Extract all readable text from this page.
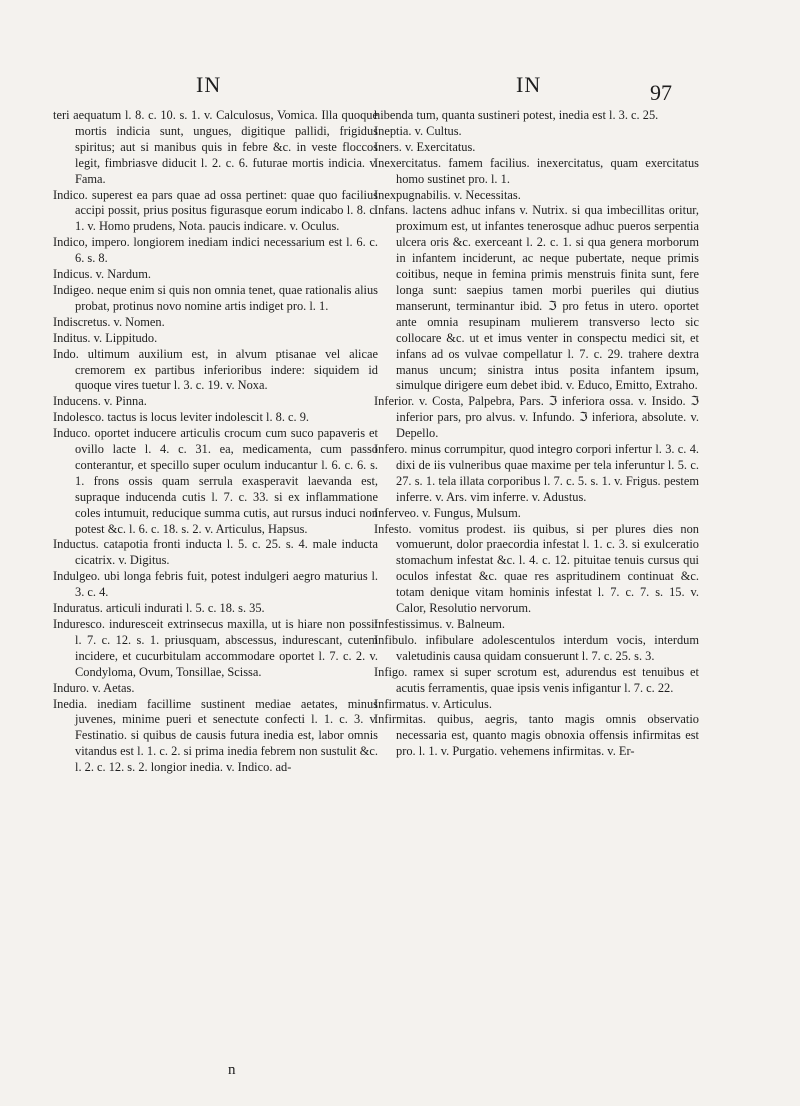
IN	IN	97

teri aequatum l. 8. c. 10. s. 1. v. Calculosus, Vomica. Illa quoque mortis indicia sunt, ungues, digitique pallidi, frigidus spiritus; aut si manibus quis in febre &c. in veste floccos legit, fimbriasve diducit l. 2. c. 6. futurae mortis indicia. v. Fama.

Indico. superest ea pars quae ad ossa pertinet: quae quo facilius accipi possit, prius positus figurasque eorum indicabo l. 8. c. 1. v. Homo prudens, Nota. paucis indicare. v. Oculus.

Indico, impero. longiorem inediam indici necessarium est l. 6. c. 6. s. 8.

Indicus. v. Nardum.

Indigeo. neque enim si quis non omnia tenet, quae rationalis alius probat, protinus novo nomine artis indiget pro. l. 1.

Indiscretus. v. Nomen.

Inditus. v. Lippitudo.

Indo. ultimum auxilium est, in alvum ptisanae vel alicae cremorem ex partibus inferioribus indere: siquidem id quoque vires tuetur l. 3. c. 19. v. Noxa.

Inducens. v. Pinna.

Indolesco. tactus is locus leviter indolescit l. 8. c. 9.

Induco. oportet inducere articulis crocum cum suco papaveris et ovillo lacte l. 4. c. 31. ea, medicamenta, cum passo conterantur, et specillo super oculum inducantur l. 6. c. 6. s. 1. frons ossis quam serrula exasperavit laevanda est, supraque inducenda cutis l. 7. c. 33. si ex inflammatione coles intumuit, reducique summa cutis, aut rursus induci non potest &c. l. 6. c. 18. s. 2. v. Articulus, Hapsus.

Inductus. catapotia fronti inducta l. 5. c. 25. s. 4. male inducta cicatrix. v. Digitus.

Indulgeo. ubi longa febris fuit, potest indulgeri aegro maturius l. 3. c. 4.

Induratus. articuli indurati l. 5. c. 18. s. 35.

Induresco. induresceit extrinsecus maxilla, ut is hiare non possit l. 7. c. 12. s. 1. priusquam, abscessus, indurescant, cutem incidere, et cucurbitulam accommodare oportet l. 7. c. 2. v. Condyloma, Ovum, Tonsillae, Scissa.

Induro. v. Aetas.

Inedia. inediam facillime sustinent mediae aetates, minus juvenes, minime pueri et senectute confecti l. 1. c. 3. v. Festinatio. si quibus de causis futura inedia est, labor omnis vitandus est l. 1. c. 2. si prima inedia febrem non sustulit &c. l. 2. c. 12. s. 2. longior inedia. v. Indico. ad-

hibenda tum, quanta sustineri potest, inedia est l. 3. c. 25.

Ineptia. v. Cultus.

Iners. v. Exercitatus.

Inexercitatus. famem facilius. inexercitatus, quam exercitatus homo sustinet pro. l. 1.

Inexpugnabilis. v. Necessitas.

Infans. lactens adhuc infans v. Nutrix. si qua imbecillitas oritur, proximum est, ut infantes tenerosque adhuc pueros serpentia ulcera oris &c. exerceant l. 2. c. 1. si qua genera morborum in infantem inciderunt, ac neque pubertate, neque primis coitibus, neque in femina primis menstruis finita sunt, fere longa sunt: saepius tamen morbi pueriles qui diutius manserunt, terminantur ibid. ℑ pro fetus in utero. oportet ante omnia resupinam mulierem transverso lecto sic collocare &c. ut et imus venter in conspectu medici sit, et infans ad os vulvae compellatur l. 7. c. 29. trahere dextra manus uncum; sinistra intus posita infantem ipsum, simulque dirigere eum debet ibid. v. Educo, Emitto, Extraho.

Inferior. v. Costa, Palpebra, Pars. ℑ inferiora ossa. v. Insido. ℑ inferior pars, pro alvus. v. Infundo. ℑ inferiora, absolute. v. Depello.

Infero. minus corrumpitur, quod integro corpori infertur l. 3. c. 4. dixi de iis vulneribus quae maxime per tela inferuntur l. 5. c. 27. s. 1. tela illata corporibus l. 7. c. 5. s. 1. v. Frigus. pestem inferre. v. Ars. vim inferre. v. Adustus.

Inferveo. v. Fungus, Mulsum.

Infesto. vomitus prodest. iis quibus, si per plures dies non vomuerunt, dolor praecordia infestat l. 1. c. 3. si exulceratio stomachum infestat &c. l. 4. c. 12. pituitae tenuis cursus qui oculos infestat &c. quae res aspritudinem continuat &c. totam denique vitam hominis infestat l. 7. c. 7. s. 15. v. Calor, Resolutio nervorum.

Infestissimus. v. Balneum.

Infibulo. infibulare adolescentulos interdum vocis, interdum valetudinis causa quidam consuerunt l. 7. c. 25. s. 3.

Infigo. ramex si super scrotum est, adurendus est tenuibus et acutis ferramentis, quae ipsis venis infigantur l. 7. c. 22.

Infirmatus. v. Articulus.

Infirmitas. quibus, aegris, tanto magis omnis observatio necessaria est, quanto magis obnoxia offensis infirmitas est pro. l. 1. v. Purgatio. vehemens infirmitas. v. Er-

n
